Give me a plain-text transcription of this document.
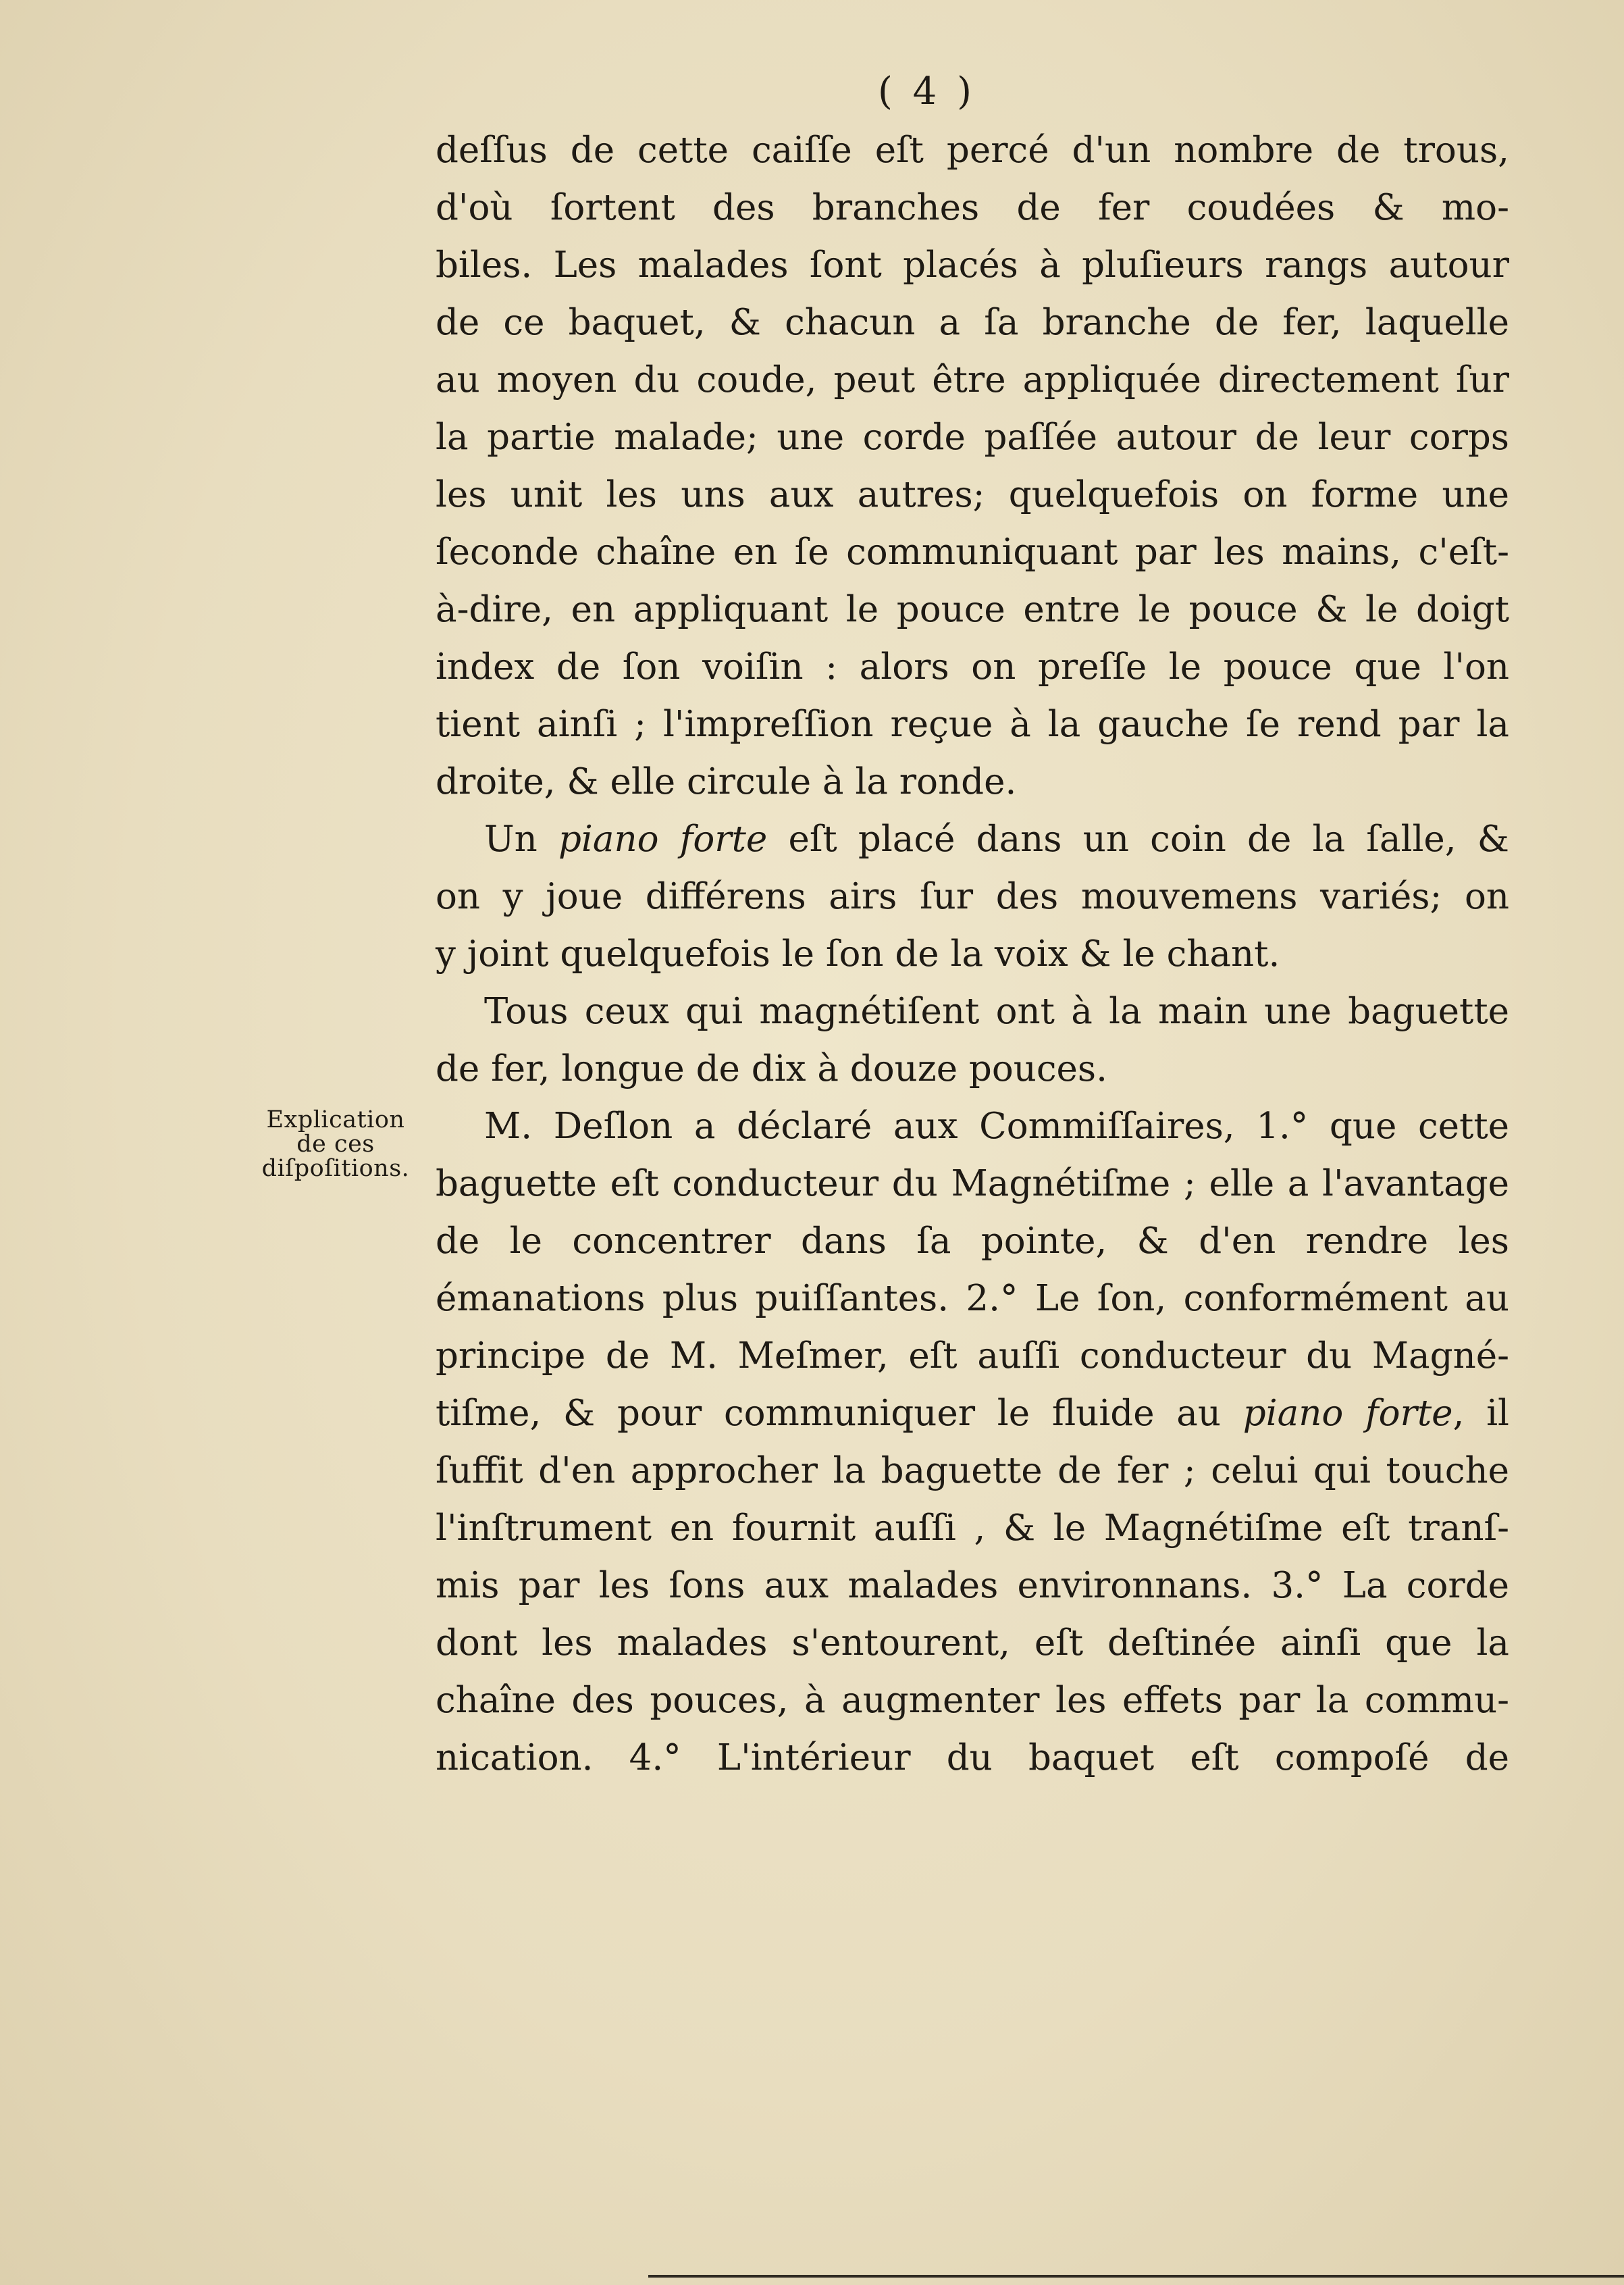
( 4 )
Explication
de ces
diſpoſitions.
deſſus de cette caiſſe eſt percé d'un nombre de trous,
d'où ſortent des branches de fer coudées & mo-
biles. Les malades ſont placés à pluſieurs rangs autour
de ce baquet, & chacun a ſa branche de fer, laquelle
au moyen du coude, peut être appliquée directement ſur
la partie malade; une corde paſſée autour de leur corps
les unit les uns aux autres; quelquefois on forme une
ſeconde chaîne en ſe communiquant par les mains, c'eſt-
à-dire, en appliquant le pouce entre le pouce & le doigt
index de ſon voiſin : alors on preſſe le pouce que l'on
tient ainſi ; l'impreſſion reçue à la gauche ſe rend par la
droite, & elle circule à la ronde.
Un piano forte eſt placé dans un coin de la ſalle, &
on y joue différens airs ſur des mouvemens variés; on
y joint quelquefois le ſon de la voix & le chant.
Tous ceux qui magnétiſent ont à la main une baguette
de fer, longue de dix à douze pouces.
M. Deſlon a déclaré aux Commiſſaires, 1.° que cette
baguette eſt conducteur du Magnétiſme ; elle a l'avantage
de le concentrer dans ſa pointe, & d'en rendre les
émanations plus puiſſantes. 2.° Le ſon, conformément au
principe de M. Meſmer, eſt auſſi conducteur du Magné-
tiſme, & pour communiquer le fluide au piano forte, il
ſuffit d'en approcher la baguette de fer ; celui qui touche
l'inſtrument en fournit auſſi , & le Magnétiſme eſt tranſ-
mis par les ſons aux malades environnans. 3.° La corde
dont les malades s'entourent, eſt deſtinée ainſi que la
chaîne des pouces, à augmenter les effets par la commu-
nication. 4.° L'intérieur du baquet eſt compoſé de
